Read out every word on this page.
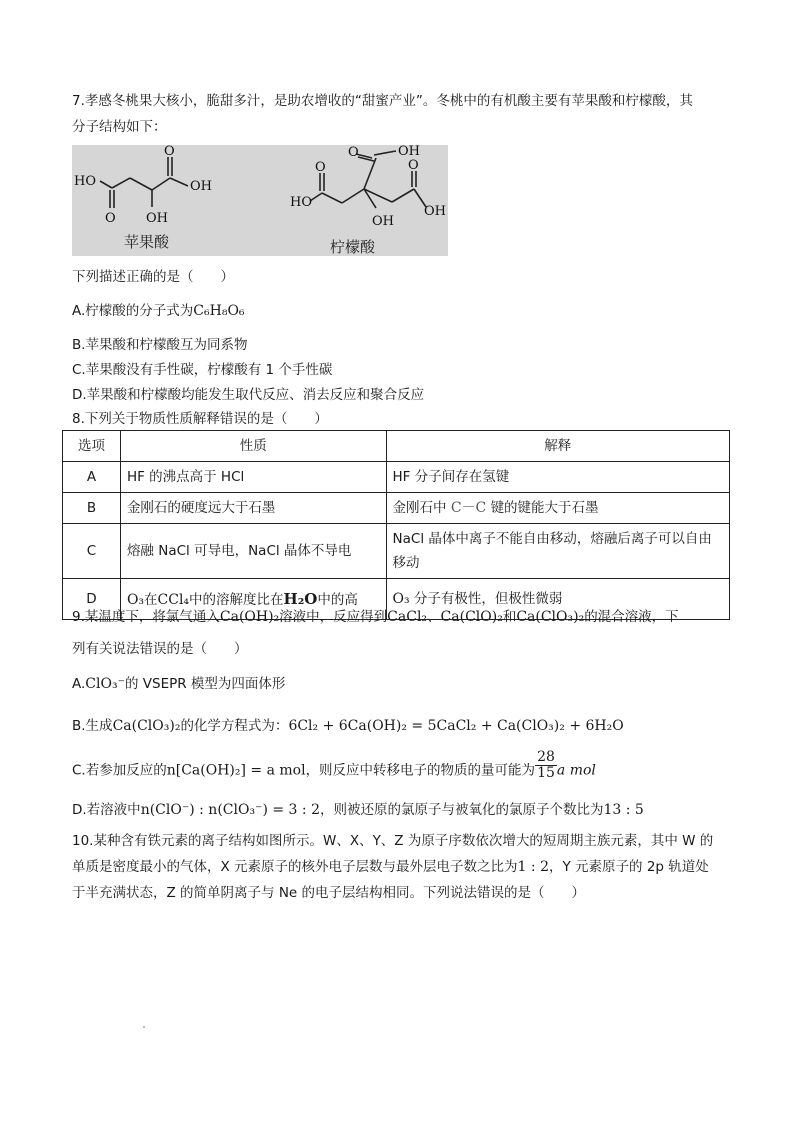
7.孝感冬桃果大核小，脆甜多汁，是助农增收的“甜蜜产业”。冬桃中的有机酸主要有苹果酸和柠檬酸，其
分子结构如下：
HO
O OH
O
OH
HO
O
OH
O
OH
O
OH
苹果酸	柠檬酸
下列描述正确的是（　　）
A.柠檬酸的分子式为C₆H₈O₆
B.苹果酸和柠檬酸互为同系物
C.苹果酸没有手性碳，柠檬酸有 1 个手性碳
D.苹果酸和柠檬酸均能发生取代反应、消去反应和聚合反应
8.下列关于物质性质解释错误的是（　　）
选项	性质	解释
A	HF 的沸点高于 HCl	HF 分子间存在氢键
B	金刚石的硬度远大于石墨	金刚石中 C－C 键的键能大于石墨
C	熔融 NaCl 可导电，NaCl 晶体不导电	NaCl 晶体中离子不能自由移动，熔融后离子可以自由
移动

D	O₃在CCl₄中的溶解度比在H₂O中的高	O₃ 分子有极性，但极性微弱
9.某温度下，将氯气通入Ca(OH)₂溶液中，反应得到CaCl₂、Ca(ClO)₂和Ca(ClO₃)₂的混合溶液，下
列有关说法错误的是（　　）
A.ClO₃⁻的 VSEPR 模型为四面体形
B.生成Ca(ClO₃)₂的化学方程式为：6Cl₂ + 6Ca(OH)₂ = 5CaCl₂ + Ca(ClO₃)₂ + 6H₂O
C.若参加反应的n[Ca(OH)₂] = a mol，则反应中转移电子的物质的量可能为 $\frac{28}{15}$ a mol
D.若溶液中n(ClO⁻) : n(ClO₃⁻) = 3 : 2，则被还原的氯原子与被氧化的氯原子个数比为13 : 5
10.某种含有铁元素的离子结构如图所示。W、X、Y、Z 为原子序数依次增大的短周期主族元素，其中 W 的
单质是密度最小的气体，X 元素原子的核外电子层数与最外层电子数之比为1 : 2，Y 元素原子的 2p 轨道处
于半充满状态，Z 的简单阴离子与 Ne 的电子层结构相同。下列说法错误的是（　　）
